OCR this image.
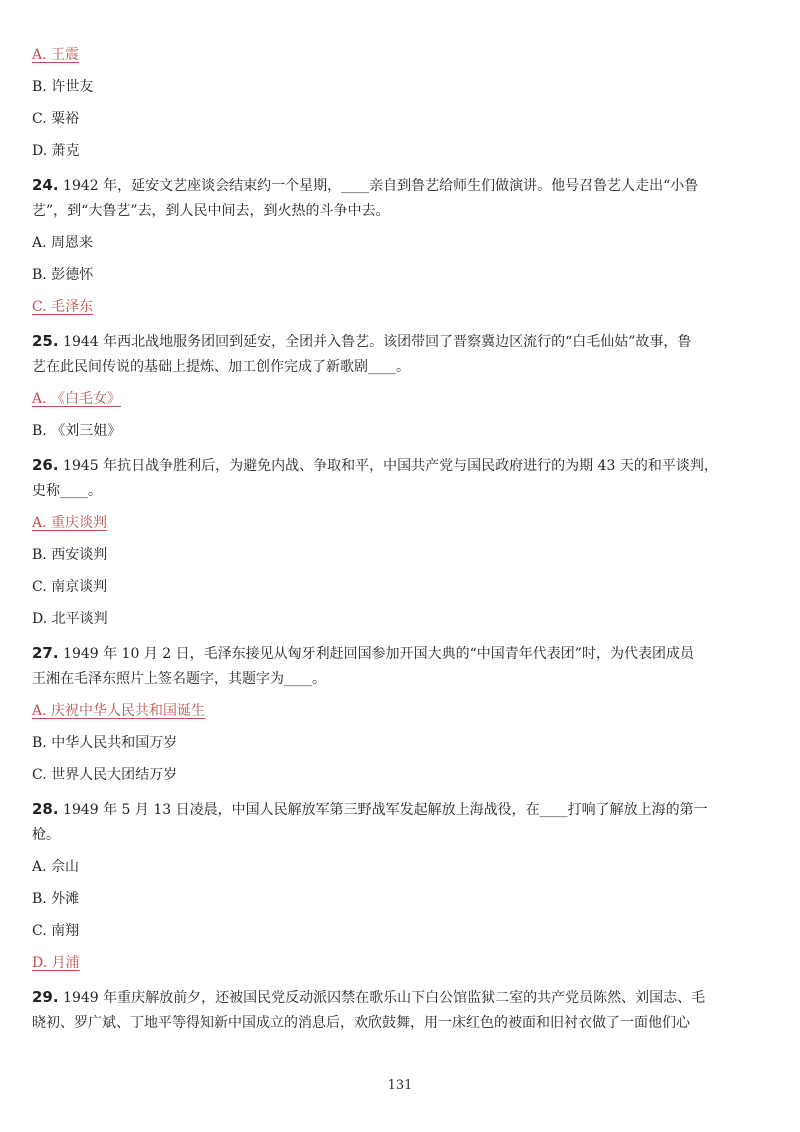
A. 王震
B. 许世友
C. 粟裕
D. 萧克
24. 1942 年，延安文艺座谈会结束约一个星期，____亲自到鲁艺给师生们做演讲。他号召鲁艺人走出“小鲁
艺”，到“大鲁艺”去，到人民中间去，到火热的斗争中去。
A. 周恩来
B. 彭德怀
C. 毛泽东
25. 1944 年西北战地服务团回到延安，全团并入鲁艺。该团带回了晋察冀边区流行的“白毛仙姑”故事，鲁
艺在此民间传说的基础上提炼、加工创作完成了新歌剧____。
A. 《白毛女》
B. 《刘三姐》
26. 1945 年抗日战争胜利后，为避免内战、争取和平，中国共产党与国民政府进行的为期 43 天的和平谈判，
史称____。
A. 重庆谈判
B. 西安谈判
C. 南京谈判
D. 北平谈判
27. 1949 年 10 月 2 日，毛泽东接见从匈牙利赶回国参加开国大典的“中国青年代表团”时，为代表团成员
王湘在毛泽东照片上签名题字，其题字为____。
A. 庆祝中华人民共和国诞生
B. 中华人民共和国万岁
C. 世界人民大团结万岁
28. 1949 年 5 月 13 日凌晨，中国人民解放军第三野战军发起解放上海战役，在____打响了解放上海的第一
枪。
A. 佘山
B. 外滩
C. 南翔
D. 月浦
29. 1949 年重庆解放前夕，还被国民党反动派囚禁在歌乐山下白公馆监狱二室的共产党员陈然、刘国志、毛
晓初、罗广斌、丁地平等得知新中国成立的消息后，欢欣鼓舞，用一床红色的被面和旧衬衣做了一面他们心
131
